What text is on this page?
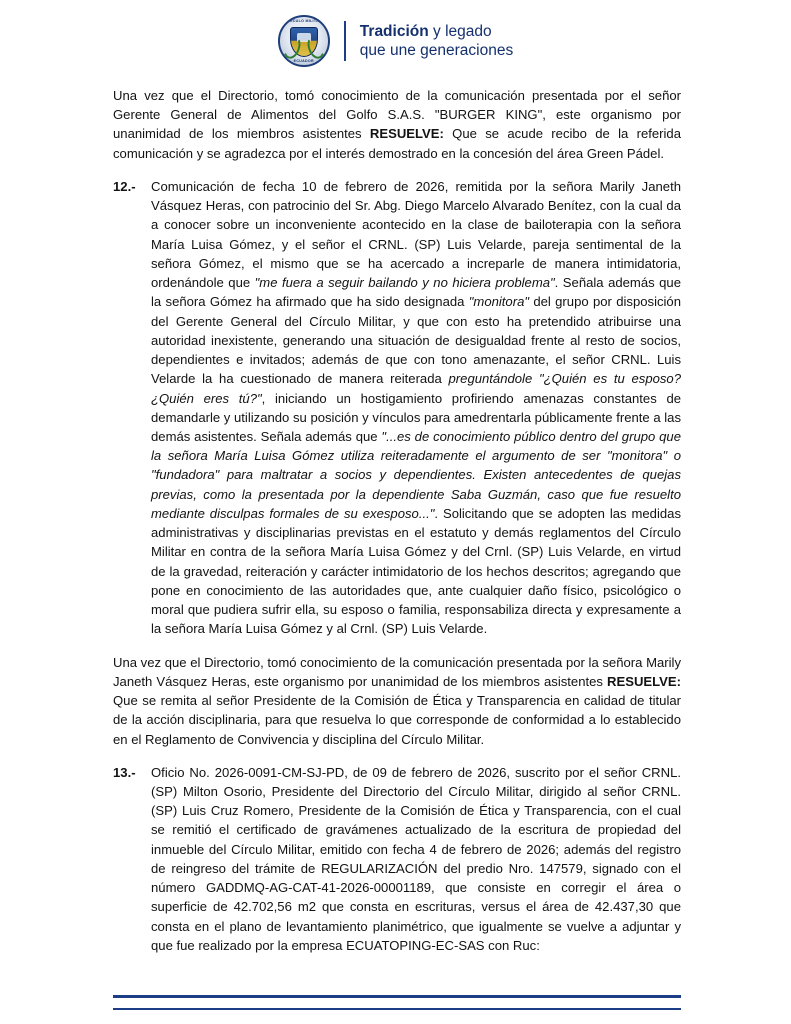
CIRCULO MILITAR
ECUADOR
Tradición y legado
que une generaciones

Una vez que el Directorio, tomó conocimiento de la comunicación presentada por el señor Gerente General de Alimentos del Golfo S.A.S. "BURGER KING", este organismo por unanimidad de los miembros asistentes RESUELVE: Que se acude recibo de la referida comunicación y se agradezca por el interés demostrado en la concesión del área Green Pádel.

12.-	Comunicación de fecha 10 de febrero de 2026, remitida por la señora Marily Janeth Vásquez Heras, con patrocinio del Sr. Abg. Diego Marcelo Alvarado Benítez, con la cual da a conocer sobre un inconveniente acontecido en la clase de bailoterapia con la señora María Luisa Gómez, y el señor el CRNL. (SP) Luis Velarde, pareja sentimental de la señora Gómez, el mismo que se ha acercado a increparle de manera intimidatoria, ordenándole que "me fuera a seguir bailando y no hiciera problema". Señala además que la señora Gómez ha afirmado que ha sido designada "monitora" del grupo por disposición del Gerente General del Círculo Militar, y que con esto ha pretendido atribuirse una autoridad inexistente, generando una situación de desigualdad frente al resto de socios, dependientes e invitados; además de que con tono amenazante, el señor CRNL. Luis Velarde la ha cuestionado de manera reiterada preguntándole "¿Quién es tu esposo? ¿Quién eres tú?", iniciando un hostigamiento profiriendo amenazas constantes de demandarle y utilizando su posición y vínculos para amedrentarla públicamente frente a las demás asistentes. Señala además que "...es de conocimiento público dentro del grupo que la señora María Luisa Gómez utiliza reiteradamente el argumento de ser "monitora" o "fundadora" para maltratar a socios y dependientes. Existen antecedentes de quejas previas, como la presentada por la dependiente Saba Guzmán, caso que fue resuelto mediante disculpas formales de su exesposo...". Solicitando que se adopten las medidas administrativas y disciplinarias previstas en el estatuto y demás reglamentos del Círculo Militar en contra de la señora María Luisa Gómez y del Crnl. (SP) Luis Velarde, en virtud de la gravedad, reiteración y carácter intimidatorio de los hechos descritos; agregando que pone en conocimiento de las autoridades que, ante cualquier daño físico, psicológico o moral que pudiera sufrir ella, su esposo o familia, responsabiliza directa y expresamente a la señora María Luisa Gómez y al Crnl. (SP) Luis Velarde.

Una vez que el Directorio, tomó conocimiento de la comunicación presentada por la señora Marily Janeth Vásquez Heras, este organismo por unanimidad de los miembros asistentes RESUELVE: Que se remita al señor Presidente de la Comisión de Ética y Transparencia en calidad de titular de la acción disciplinaria, para que resuelva lo que corresponde de conformidad a lo establecido en el Reglamento de Convivencia y disciplina del Círculo Militar.

13.-	Oficio No. 2026-0091-CM-SJ-PD, de 09 de febrero de 2026, suscrito por el señor CRNL. (SP) Milton Osorio, Presidente del Directorio del Círculo Militar, dirigido al señor CRNL. (SP) Luis Cruz Romero, Presidente de la Comisión de Ética y Transparencia, con el cual se remitió el certificado de gravámenes actualizado de la escritura de propiedad del inmueble del Círculo Militar, emitido con fecha 4 de febrero de 2026; además del registro de reingreso del trámite de REGULARIZACIÓN del predio Nro. 147579, signado con el número GADDMQ-AG-CAT-41-2026-00001189, que consiste en corregir el área o superficie de 42.702,56 m2 que consta en escrituras, versus el área de 42.437,30 que consta en el plano de levantamiento planimétrico, que igualmente se vuelve a adjuntar y que fue realizado por la empresa ECUATOPING-EC-SAS con Ruc:
